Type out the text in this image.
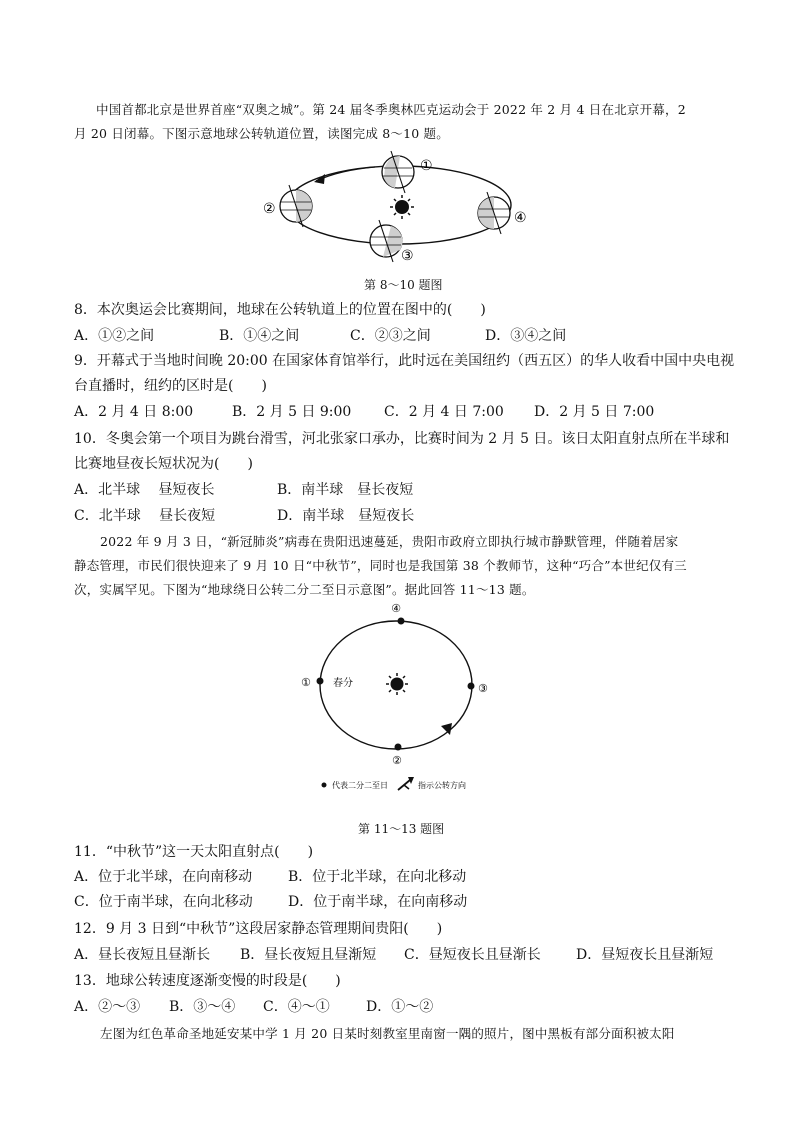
中国首都北京是世界首座“双奥之城”。第 24 届冬季奥林匹克运动会于 2022 年 2 月 4 日在北京开幕，2
月 20 日闭幕。下图示意地球公转轨道位置，读图完成 8～10 题。
①
②
③
④
第 8～10 题图
8．本次奥运会比赛期间，地球在公转轨道上的位置在图中的(　　)
A．①②之间	B．①④之间	C．②③之间	D．③④之间
9．开幕式于当地时间晚 20:00 在国家体育馆举行，此时远在美国纽约（西五区）的华人收看中国中央电视
台直播时，纽约的区时是(　　)
A．2 月 4 日 8:00	B．2 月 5 日 9:00 C．2 月 4 日 7:00 D．2 月 5 日 7:00
10．冬奥会第一个项目为跳台滑雪，河北张家口承办，比赛时间为 2 月 5 日。该日太阳直射点所在半球和
比赛地昼夜长短状况为(　　)
A．北半球　 昼短夜长	B．南半球　昼长夜短
C．北半球　 昼长夜短	D．南半球　昼短夜长
2022 年 9 月 3 日，“新冠肺炎”病毒在贵阳迅速蔓延，贵阳市政府立即执行城市静默管理，伴随着居家
静态管理，市民们很快迎来了 9 月 10 日“中秋节”，同时也是我国第 38 个教师节，这种“巧合”本世纪仅有三
次，实属罕见。下图为“地球绕日公转二分二至日示意图”。据此回答 11～13 题。
④
①	③
②
春分
代表二分二至日	指示公转方向
第 11～13 题图
11．“中秋节”这一天太阳直射点(　　)
A．位于北半球，在向南移动	B．位于北半球，在向北移动
C．位于南半球，在向北移动	D．位于南半球，在向南移动
12．9 月 3 日到“中秋节”这段居家静态管理期间贵阳(　　)
A．昼长夜短且昼渐长 B．昼长夜短且昼渐短 C．昼短夜长且昼渐长	D．昼短夜长且昼渐短
13．地球公转速度逐渐变慢的时段是(　　)
A．②～③ B．③～④ C．④～①	D．①～②
左图为红色革命圣地延安某中学 1 月 20 日某时刻教室里南窗一隅的照片，图中黑板有部分面积被太阳
